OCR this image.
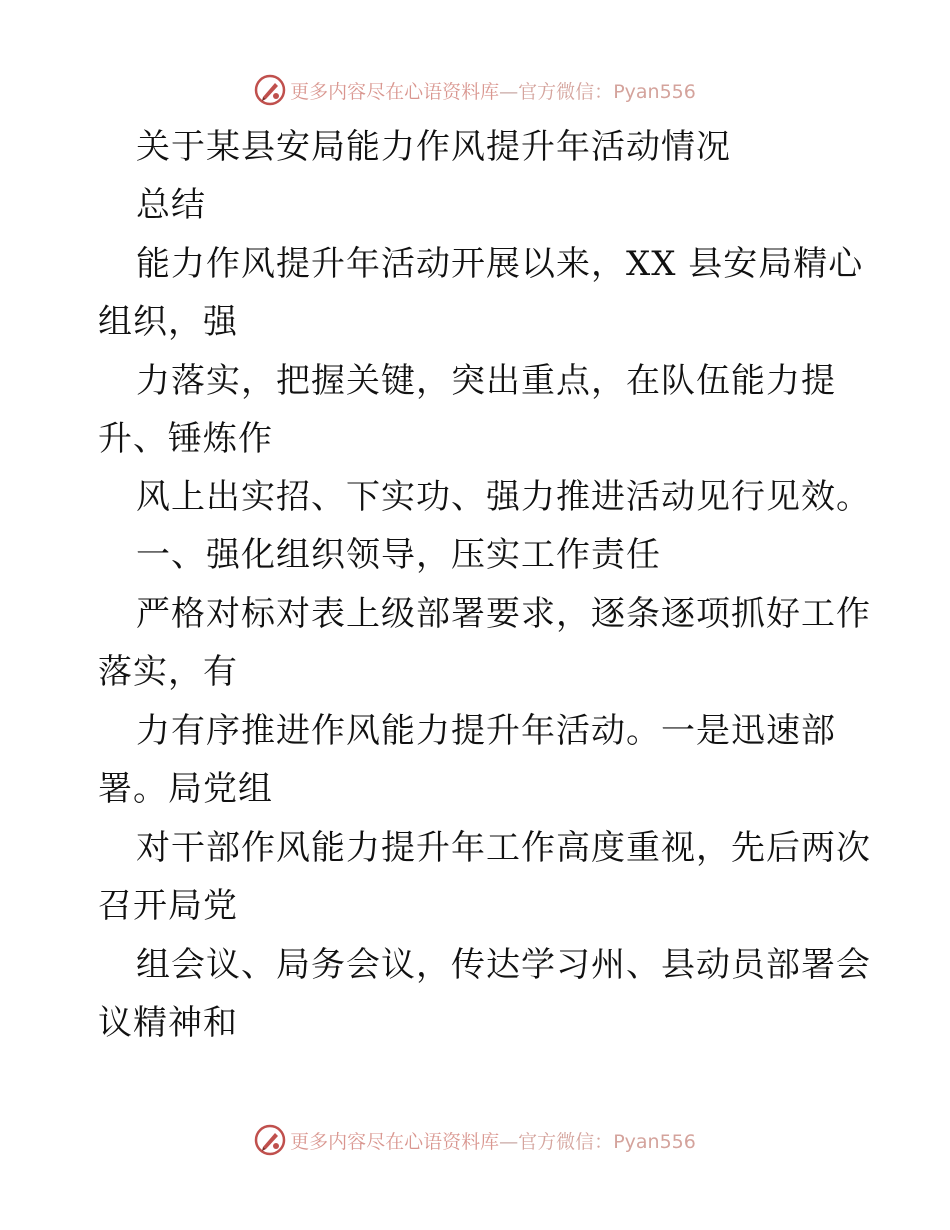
更多内容尽在心语资料库—官方微信：Pyan556
关于某县安局能力作风提升年活动情况
总结
能力作风提升年活动开展以来，XX 县安局精心
组织，强
力落实，把握关键，突出重点，在队伍能力提
升、锤炼作
风上出实招、下实功、强力推进活动见行见效。
一、强化组织领导，压实工作责任
严格对标对表上级部署要求，逐条逐项抓好工作
落实，有
力有序推进作风能力提升年活动。一是迅速部
署。局党组
对干部作风能力提升年工作高度重视，先后两次
召开局党
组会议、局务会议，传达学习州、县动员部署会
议精神和
更多内容尽在心语资料库—官方微信：Pyan556
